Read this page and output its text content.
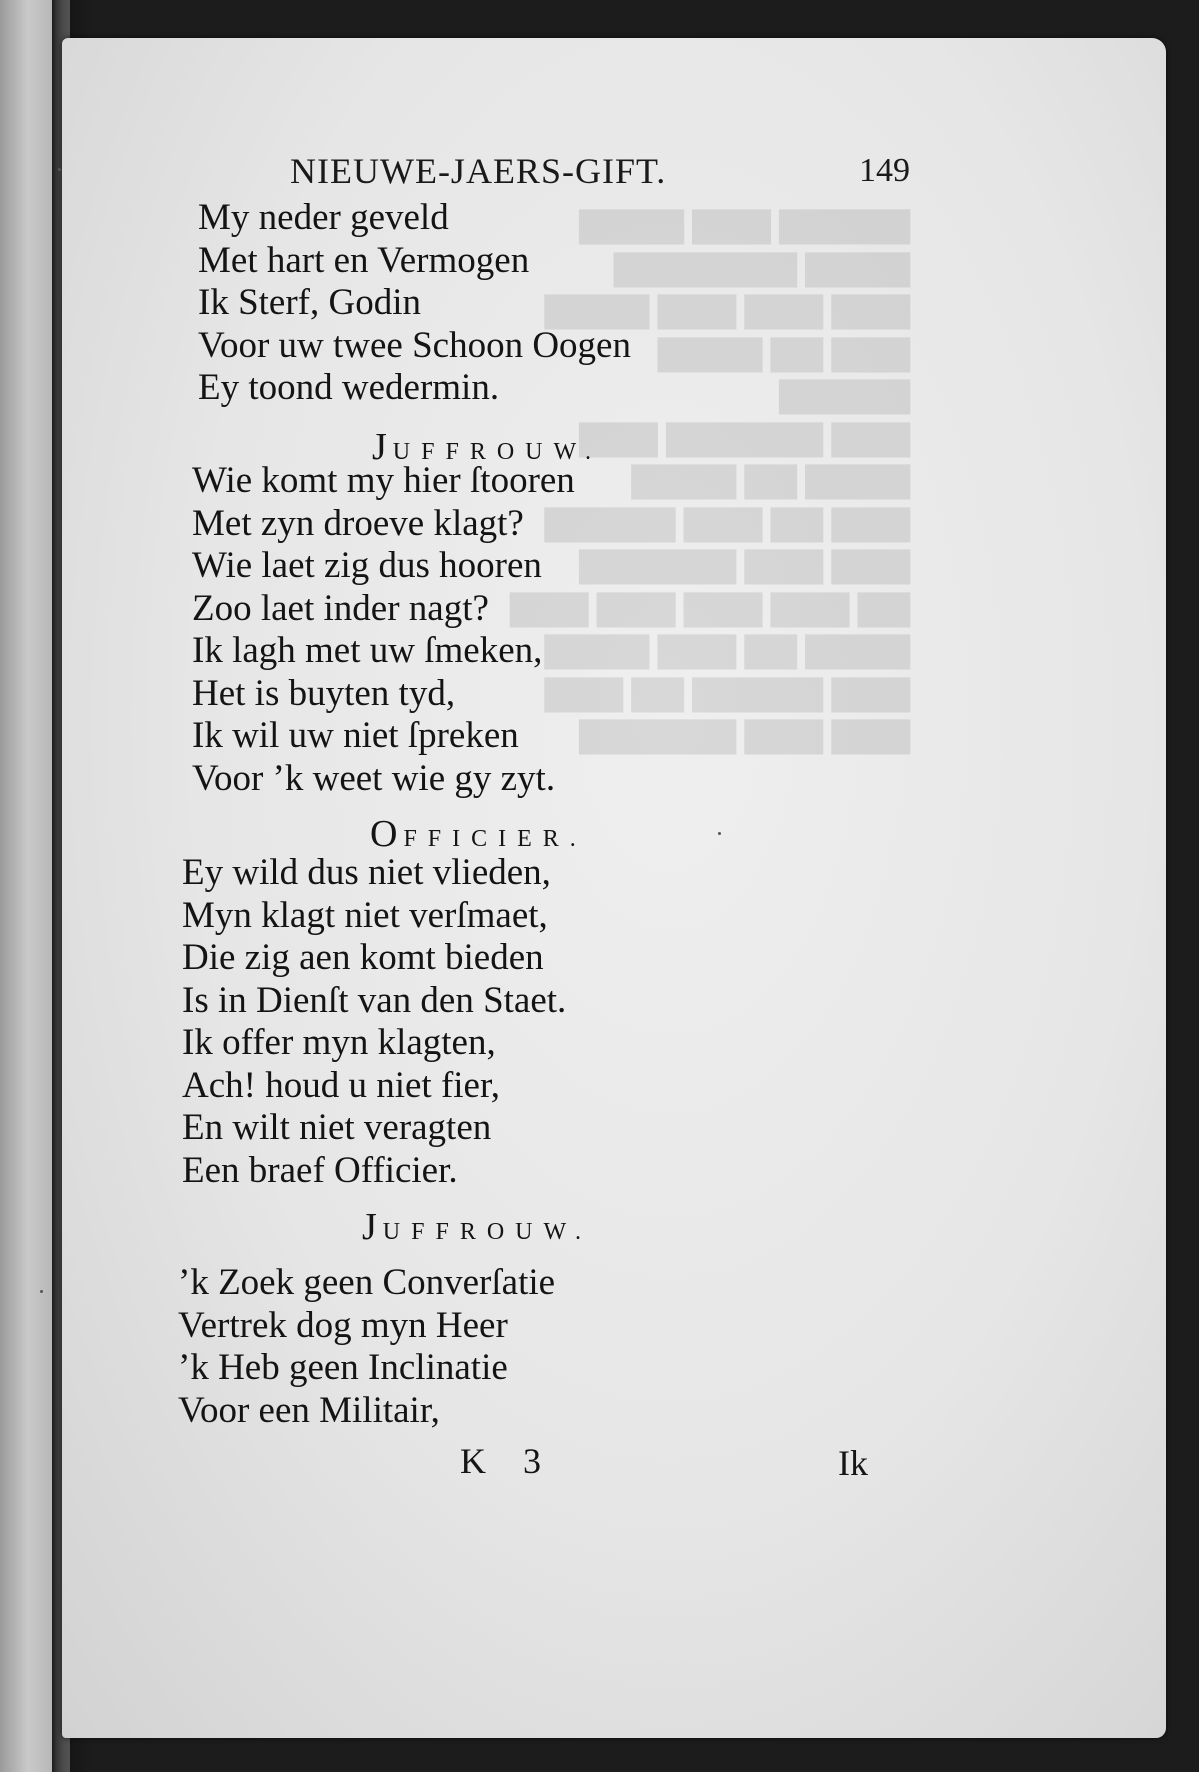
▇▇▇▇▇ ▇▇▇ ▇▇▇▇
▇▇▇▇ ▇▇▇▇▇▇▇
▇▇▇ ▇▇▇ ▇▇▇ ▇▇▇▇
▇▇▇ ▇▇ ▇▇▇▇
▇▇▇▇▇
▇▇▇ ▇▇▇▇▇▇ ▇▇▇
▇▇▇▇ ▇▇ ▇▇▇▇
▇▇▇ ▇▇ ▇▇▇ ▇▇▇▇▇
▇▇▇ ▇▇▇ ▇▇▇▇▇▇
▇▇ ▇▇▇ ▇▇▇ ▇▇▇ ▇▇▇
▇▇▇▇ ▇▇ ▇▇▇ ▇▇▇▇
▇▇▇ ▇▇▇▇▇ ▇▇ ▇▇▇
▇▇▇ ▇▇▇ ▇▇▇▇▇▇
NIEUWE-JAERS-GIFT.	149
My neder geveld
Met hart en Vermogen
Ik Sterf, Godin
Voor uw twee Schoon Oogen
Ey toond wedermin.
JUFFROUW.
Wie komt my hier ſtooren
Met zyn droeve klagt?
Wie laet zig dus hooren
Zoo laet inder nagt?
Ik lagh met uw ſmeken,
Het is buyten tyd,
Ik wil uw niet ſpreken
Voor ’k weet wie gy zyt.
OFFICIER.
Ey wild dus niet vlieden,
Myn klagt niet verſmaet,
Die zig aen komt bieden
Is in Dienſt van den Staet.
Ik offer myn klagten,
Ach! houd u niet fier,
En wilt niet veragten
Een braef Officier.
JUFFROUW.
’k Zoek geen Converſatie
Vertrek dog myn Heer
’k Heb geen Inclinatie
Voor een Militair,
K 3	Ik
